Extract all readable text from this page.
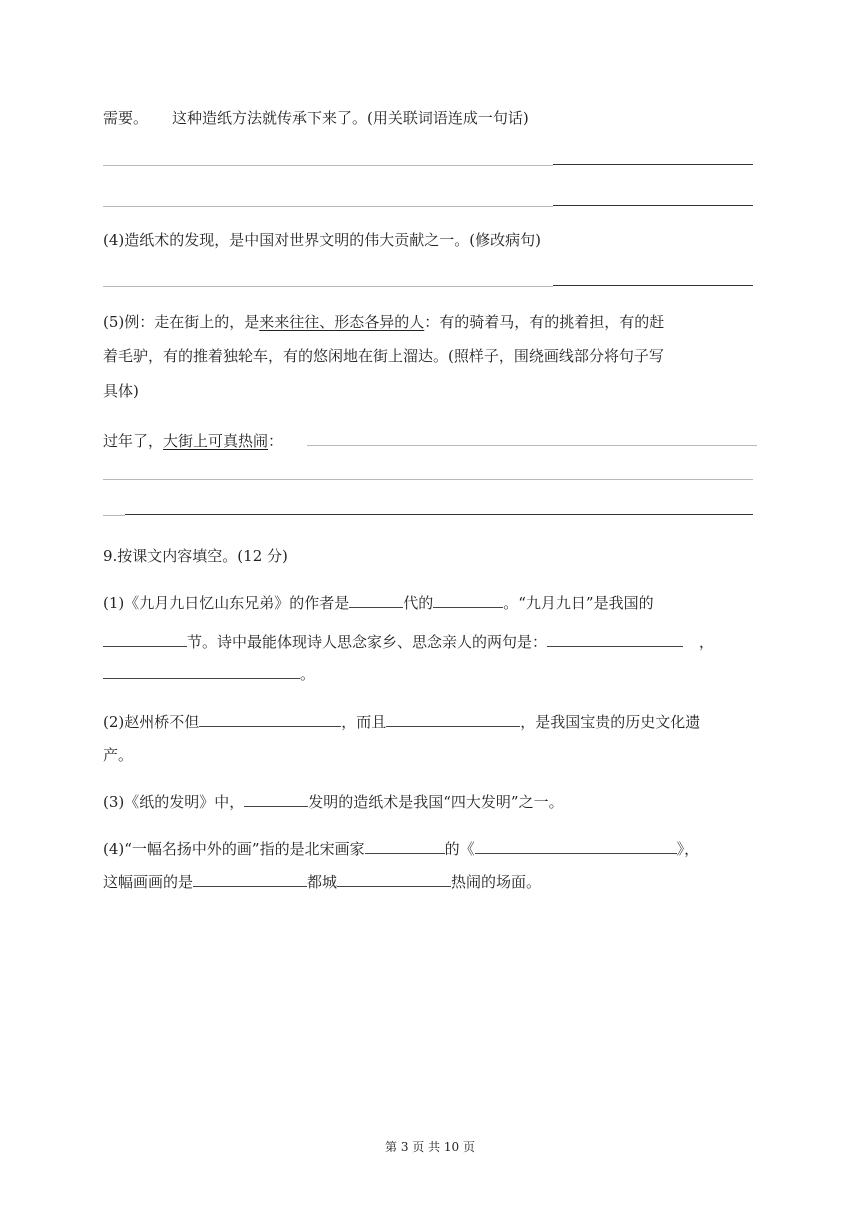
需要。 这种造纸方法就传承下来了。(用关联词语连成一句话)
(4)造纸术的发现，是中国对世界文明的伟大贡献之一。(修改病句)
(5)例：走在街上的，是来来往往、形态各异的人：有的骑着马，有的挑着担，有的赶
着毛驴，有的推着独轮车，有的悠闲地在街上溜达。(照样子，围绕画线部分将句子写
具体)
过年了，大街上可真热闹：
9.按课文内容填空。(12 分)
(1)《九月九日忆山东兄弟》的作者是	代的	。“九月九日”是我国的
节。诗中最能体现诗人思念家乡、思念亲人的两句是：	，
。
(2)赵州桥不但	，而且	，是我国宝贵的历史文化遗
产。
(3)《纸的发明》中，	发明的造纸术是我国“四大发明”之一。
(4)“一幅名扬中外的画”指的是北宋画家	的《	》，
这幅画画的是	都城	热闹的场面。
第 3 页 共 10 页
